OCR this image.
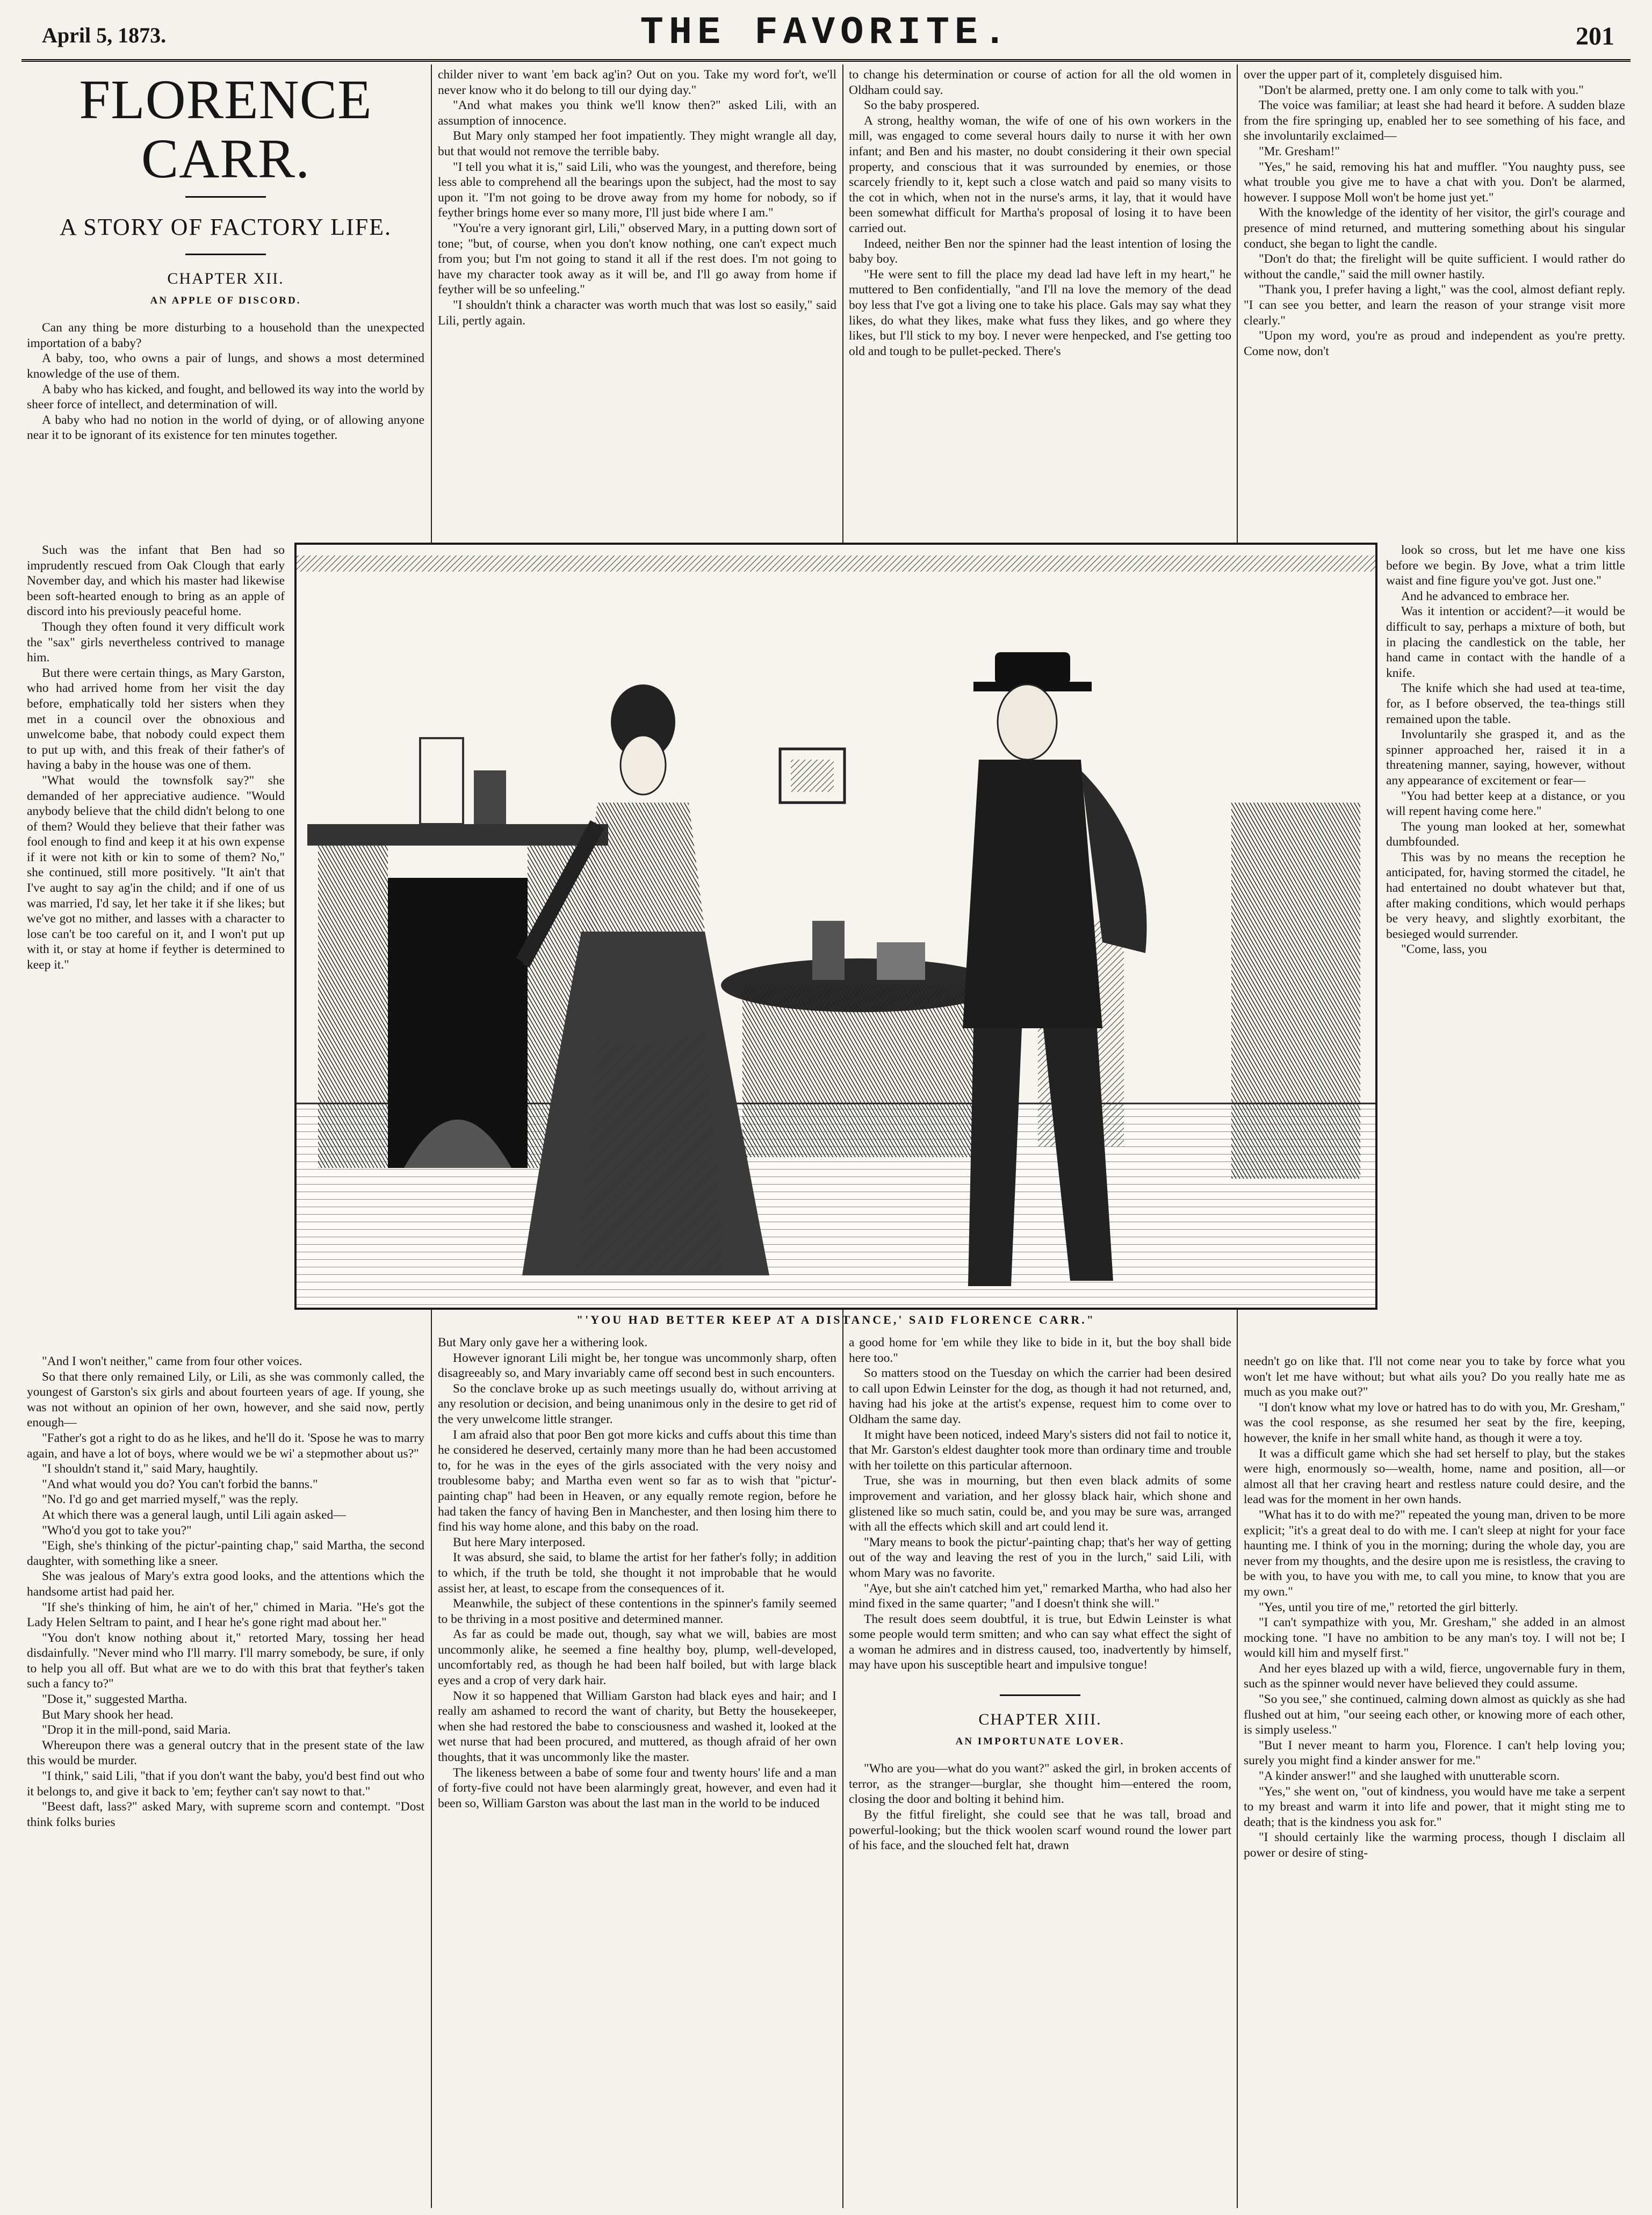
April 5, 1873.	THE FAVORITE.	201
FLORENCE CARR.
A STORY OF FACTORY LIFE.
CHAPTER XII.
AN APPLE OF DISCORD.

Can any thing be more disturbing to a household than the unexpected importation of a baby?

A baby, too, who owns a pair of lungs, and shows a most determined knowledge of the use of them.

A baby who has kicked, and fought, and bellowed its way into the world by sheer force of intellect, and determination of will.

A baby who had no notion in the world of dying, or of allowing anyone near it to be ignorant of its existence for ten minutes together.

Such was the infant that Ben had so imprudently rescued from Oak Clough that early November day, and which his master had likewise been soft-hearted enough to bring as an apple of discord into his previously peaceful home.

Though they often found it very difficult work the "sax" girls nevertheless contrived to manage him.

But there were certain things, as Mary Garston, who had arrived home from her visit the day before, emphatically told her sisters when they met in a council over the obnoxious and unwelcome babe, that nobody could expect them to put up with, and this freak of their father's of having a baby in the house was one of them.

"What would the townsfolk say?" she demanded of her appreciative audience. "Would anybody believe that the child didn't belong to one of them? Would they believe that their father was fool enough to find and keep it at his own expense if it were not kith or kin to some of them? No," she continued, still more positively. "It ain't that I've aught to say ag'in the child; and if one of us was married, I'd say, let her take it if she likes; but we've got no mither, and lasses with a character to lose can't be too careful on it, and I won't put up with it, or stay at home if feyther is determined to keep it."

"And I won't neither," came from four other voices.

So that there only remained Lily, or Lili, as she was commonly called, the youngest of Garston's six girls and about fourteen years of age. If young, she was not without an opinion of her own, however, and she said now, pertly enough—

"Father's got a right to do as he likes, and he'll do it. 'Spose he was to marry again, and have a lot of boys, where would we be wi' a stepmother about us?"

"I shouldn't stand it," said Mary, haughtily.

"And what would you do? You can't forbid the banns."

"No. I'd go and get married myself," was the reply.

At which there was a general laugh, until Lili again asked—

"Who'd you got to take you?"

"Eigh, she's thinking of the pictur'-painting chap," said Martha, the second daughter, with something like a sneer.

She was jealous of Mary's extra good looks, and the attentions which the handsome artist had paid her.

"If she's thinking of him, he ain't of her," chimed in Maria. "He's got the Lady Helen Seltram to paint, and I hear he's gone right mad about her."

"You don't know nothing about it," retorted Mary, tossing her head disdainfully. "Never mind who I'll marry. I'll marry somebody, be sure, if only to help you all off. But what are we to do with this brat that feyther's taken such a fancy to?"

"Dose it," suggested Martha.

But Mary shook her head.

"Drop it in the mill-pond, said Maria.

Whereupon there was a general outcry that in the present state of the law this would be murder.

"I think," said Lili, "that if you don't want the baby, you'd best find out who it belongs to, and give it back to 'em; feyther can't say nowt to that."

"Beest daft, lass?" asked Mary, with supreme scorn and contempt. "Dost think folks buries

childer niver to want 'em back ag'in? Out on you. Take my word for't, we'll never know who it do belong to till our dying day."

"And what makes you think we'll know then?" asked Lili, with an assumption of innocence.

But Mary only stamped her foot impatiently. They might wrangle all day, but that would not remove the terrible baby.

"I tell you what it is," said Lili, who was the youngest, and therefore, being less able to comprehend all the bearings upon the subject, had the most to say upon it. "I'm not going to be drove away from my home for nobody, so if feyther brings home ever so many more, I'll just bide where I am."

"You're a very ignorant girl, Lili," observed Mary, in a putting down sort of tone; "but, of course, when you don't know nothing, one can't expect much from you; but I'm not going to stand it all if the rest does. I'm not going to have my character took away as it will be, and I'll go away from home if feyther will be so unfeeling."

"I shouldn't think a character was worth much that was lost so easily," said Lili, pertly again.

But Mary only gave her a withering look.

However ignorant Lili might be, her tongue was uncommonly sharp, often disagreeably so, and Mary invariably came off second best in such encounters.

So the conclave broke up as such meetings usually do, without arriving at any resolution or decision, and being unanimous only in the desire to get rid of the very unwelcome little stranger.

I am afraid also that poor Ben got more kicks and cuffs about this time than he considered he deserved, certainly many more than he had been accustomed to, for he was in the eyes of the girls associated with the very noisy and troublesome baby; and Martha even went so far as to wish that "pictur'-painting chap" had been in Heaven, or any equally remote region, before he had taken the fancy of having Ben in Manchester, and then losing him there to find his way home alone, and this baby on the road.

But here Mary interposed.

It was absurd, she said, to blame the artist for her father's folly; in addition to which, if the truth be told, she thought it not improbable that he would assist her, at least, to escape from the consequences of it.

Meanwhile, the subject of these contentions in the spinner's family seemed to be thriving in a most positive and determined manner.

As far as could be made out, though, say what we will, babies are most uncommonly alike, he seemed a fine healthy boy, plump, well-developed, uncomfortably red, as though he had been half boiled, but with large black eyes and a crop of very dark hair.

Now it so happened that William Garston had black eyes and hair; and I really am ashamed to record the want of charity, but Betty the housekeeper, when she had restored the babe to consciousness and washed it, looked at the wet nurse that had been procured, and muttered, as though afraid of her own thoughts, that it was uncommonly like the master.

The likeness between a babe of some four and twenty hours' life and a man of forty-five could not have been alarmingly great, however, and even had it been so, William Garston was about the last man in the world to be induced

to change his determination or course of action for all the old women in Oldham could say.

So the baby prospered.

A strong, healthy woman, the wife of one of his own workers in the mill, was engaged to come several hours daily to nurse it with her own infant; and Ben and his master, no doubt considering it their own special property, and conscious that it was surrounded by enemies, or those scarcely friendly to it, kept such a close watch and paid so many visits to the cot in which, when not in the nurse's arms, it lay, that it would have been somewhat difficult for Martha's proposal of losing it to have been carried out.

Indeed, neither Ben nor the spinner had the least intention of losing the baby boy.

"He were sent to fill the place my dead lad have left in my heart," he muttered to Ben confidentially, "and I'll na love the memory of the dead boy less that I've got a living one to take his place. Gals may say what they likes, do what they likes, make what fuss they likes, and go where they likes, but I'll stick to my boy. I never were henpecked, and I'se getting too old and tough to be pullet-pecked. There's

a good home for 'em while they like to bide in it, but the boy shall bide here too."

So matters stood on the Tuesday on which the carrier had been desired to call upon Edwin Leinster for the dog, as though it had not returned, and, having had his joke at the artist's expense, request him to come over to Oldham the same day.

It might have been noticed, indeed Mary's sisters did not fail to notice it, that Mr. Garston's eldest daughter took more than ordinary time and trouble with her toilette on this particular afternoon.

True, she was in mourning, but then even black admits of some improvement and variation, and her glossy black hair, which shone and glistened like so much satin, could be, and you may be sure was, arranged with all the effects which skill and art could lend it.

"Mary means to book the pictur'-painting chap; that's her way of getting out of the way and leaving the rest of you in the lurch," said Lili, with whom Mary was no favorite.

"Aye, but she ain't catched him yet," remarked Martha, who had also her mind fixed in the same quarter; "and I doesn't think she will."

The result does seem doubtful, it is true, but Edwin Leinster is what some people would term smitten; and who can say what effect the sight of a woman he admires and in distress caused, too, inadvertently by himself, may have upon his susceptible heart and impulsive tongue!

CHAPTER XIII.
AN IMPORTUNATE LOVER.

"Who are you—what do you want?" asked the girl, in broken accents of terror, as the stranger—burglar, she thought him—entered the room, closing the door and bolting it behind him.

By the fitful firelight, she could see that he was tall, broad and powerful-looking; but the thick woolen scarf wound round the lower part of his face, and the slouched felt hat, drawn

over the upper part of it, completely disguised him.

"Don't be alarmed, pretty one. I am only come to talk with you."

The voice was familiar; at least she had heard it before. A sudden blaze from the fire springing up, enabled her to see something of his face, and she involuntarily exclaimed—

"Mr. Gresham!"

"Yes," he said, removing his hat and muffler. "You naughty puss, see what trouble you give me to have a chat with you. Don't be alarmed, however. I suppose Moll won't be home just yet."

With the knowledge of the identity of her visitor, the girl's courage and presence of mind returned, and muttering something about his singular conduct, she began to light the candle.

"Don't do that; the firelight will be quite sufficient. I would rather do without the candle," said the mill owner hastily.

"Thank you, I prefer having a light," was the cool, almost defiant reply. "I can see you better, and learn the reason of your strange visit more clearly."

"Upon my word, you're as proud and independent as you're pretty. Come now, don't

look so cross, but let me have one kiss before we begin. By Jove, what a trim little waist and fine figure you've got. Just one."

And he advanced to embrace her.

Was it intention or accident?—it would be difficult to say, perhaps a mixture of both, but in placing the candlestick on the table, her hand came in contact with the handle of a knife.

The knife which she had used at tea-time, for, as I before observed, the tea-things still remained upon the table.

Involuntarily she grasped it, and as the spinner approached her, raised it in a threatening manner, saying, however, without any appearance of excitement or fear—

"You had better keep at a distance, or you will repent having come here."

The young man looked at her, somewhat dumbfounded.

This was by no means the reception he anticipated, for, having stormed the citadel, he had entertained no doubt whatever but that, after making conditions, which would perhaps be very heavy, and slightly exorbitant, the besieged would surrender.

"Come, lass, you

needn't go on like that. I'll not come near you to take by force what you won't let me have without; but what ails you? Do you really hate me as much as you make out?"

"I don't know what my love or hatred has to do with you, Mr. Gresham," was the cool response, as she resumed her seat by the fire, keeping, however, the knife in her small white hand, as though it were a toy.

It was a difficult game which she had set herself to play, but the stakes were high, enormously so—wealth, home, name and position, all—or almost all that her craving heart and restless nature could desire, and the lead was for the moment in her own hands.

"What has it to do with me?" repeated the young man, driven to be more explicit; "it's a great deal to do with me. I can't sleep at night for your face haunting me. I think of you in the morning; during the whole day, you are never from my thoughts, and the desire upon me is resistless, the craving to be with you, to have you with me, to call you mine, to know that you are my own."

"Yes, until you tire of me," retorted the girl bitterly.

"I can't sympathize with you, Mr. Gresham," she added in an almost mocking tone. "I have no ambition to be any man's toy. I will not be; I would kill him and myself first."

And her eyes blazed up with a wild, fierce, ungovernable fury in them, such as the spinner would never have believed they could assume.

"So you see," she continued, calming down almost as quickly as she had flushed out at him, "our seeing each other, or knowing more of each other, is simply useless."

"But I never meant to harm you, Florence. I can't help loving you; surely you might find a kinder answer for me."

"A kinder answer!" and she laughed with unutterable scorn.

"Yes," she went on, "out of kindness, you would have me take a serpent to my breast and warm it into life and power, that it might sting me to death; that is the kindness you ask for."

"I should certainly like the warming process, though I disclaim all power or desire of sting-

"'YOU HAD BETTER KEEP AT A DISTANCE,' SAID FLORENCE CARR."
